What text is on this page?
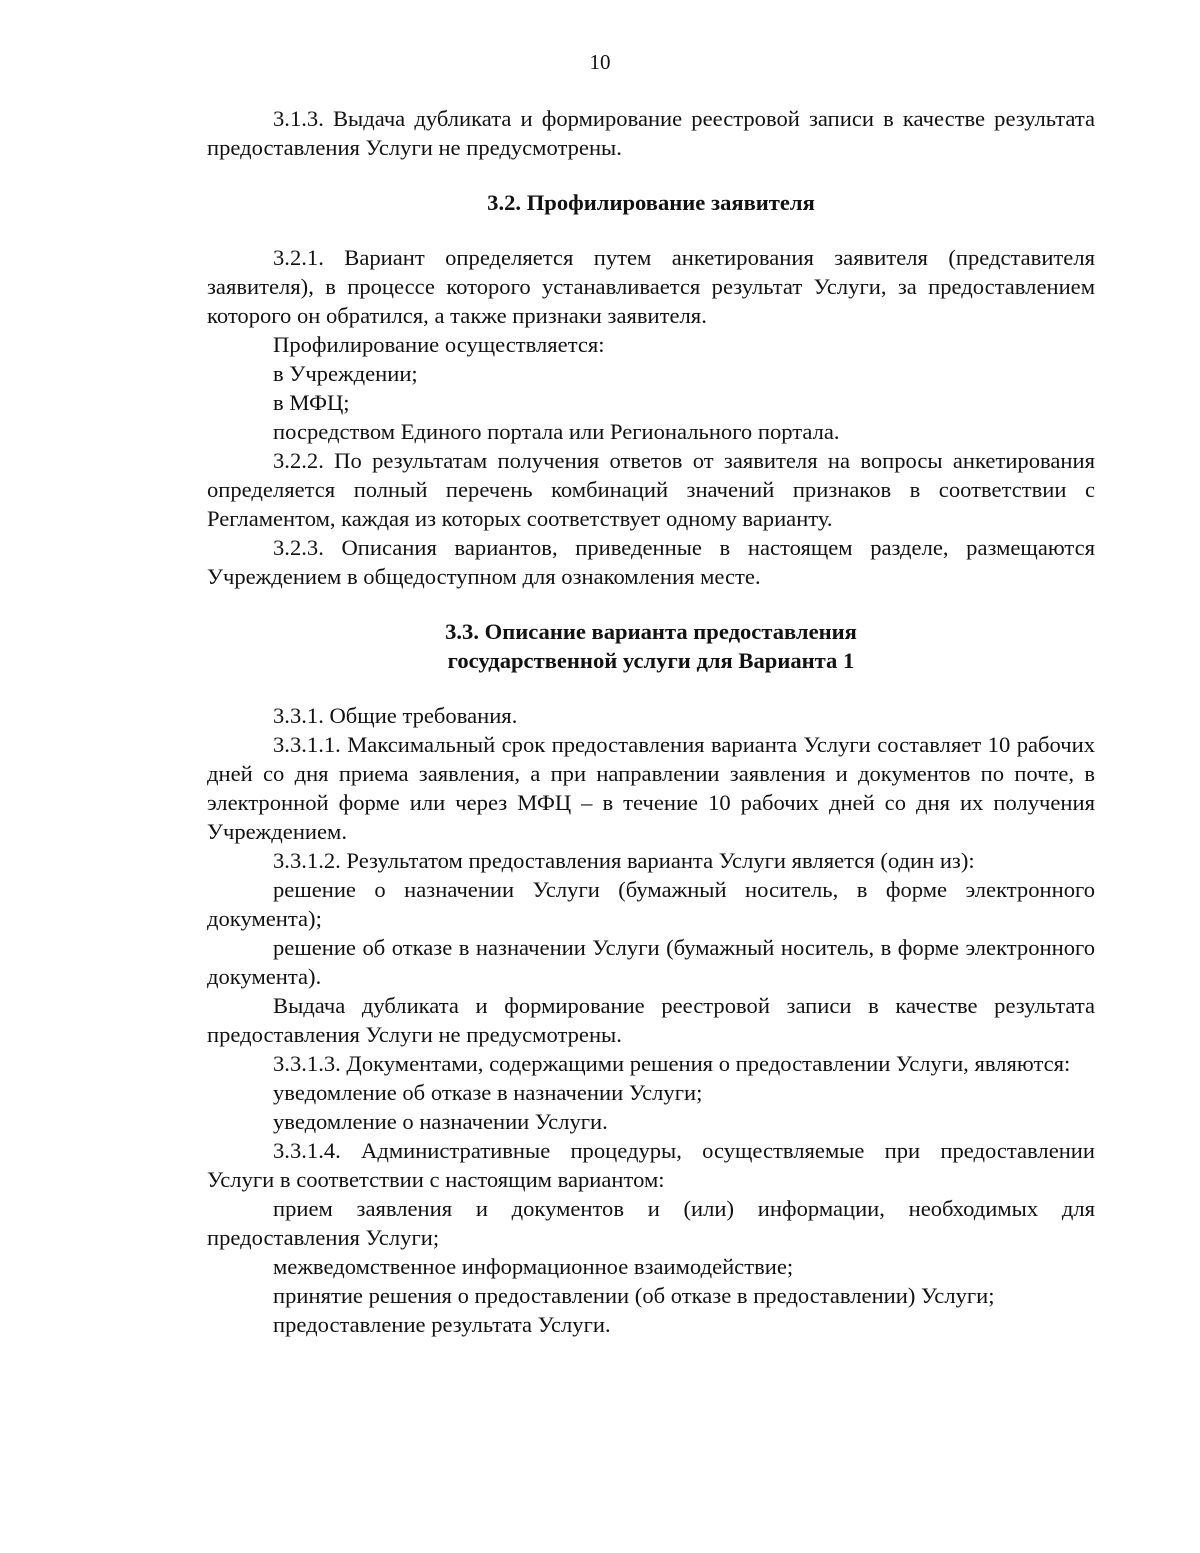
10

3.1.3. Выдача дубликата и формирование реестровой записи в качестве результата предоставления Услуги не предусмотрены.

3.2. Профилирование заявителя

3.2.1. Вариант определяется путем анкетирования заявителя (представителя заявителя), в процессе которого устанавливается результат Услуги, за предоставлением которого он обратился, а также признаки заявителя.

Профилирование осуществляется:

в Учреждении;

в МФЦ;

посредством Единого портала или Регионального портала.

3.2.2. По результатам получения ответов от заявителя на вопросы анкетирования определяется полный перечень комбинаций значений признаков в соответствии с Регламентом, каждая из которых соответствует одному варианту.

3.2.3. Описания вариантов, приведенные в настоящем разделе, размещаются Учреждением в общедоступном для ознакомления месте.

3.3. Описание варианта предоставления

государственной услуги для Варианта 1

3.3.1. Общие требования.

3.3.1.1. Максимальный срок предоставления варианта Услуги составляет 10 рабочих дней со дня приема заявления, а при направлении заявления и документов по почте, в электронной форме или через МФЦ – в течение 10 рабочих дней со дня их получения Учреждением.

3.3.1.2. Результатом предоставления варианта Услуги является (один из):

решение о назначении Услуги (бумажный носитель, в форме электронного документа);

решение об отказе в назначении Услуги (бумажный носитель, в форме электронного документа).

Выдача дубликата и формирование реестровой записи в качестве результата предоставления Услуги не предусмотрены.

3.3.1.3. Документами, содержащими решения о предоставлении Услуги, являются:

уведомление об отказе в назначении Услуги;

уведомление о назначении Услуги.

3.3.1.4. Административные процедуры, осуществляемые при предоставлении Услуги в соответствии с настоящим вариантом:

прием заявления и документов и (или) информации, необходимых для предоставления Услуги;

межведомственное информационное взаимодействие;

принятие решения о предоставлении (об отказе в предоставлении) Услуги;

предоставление результата Услуги.
